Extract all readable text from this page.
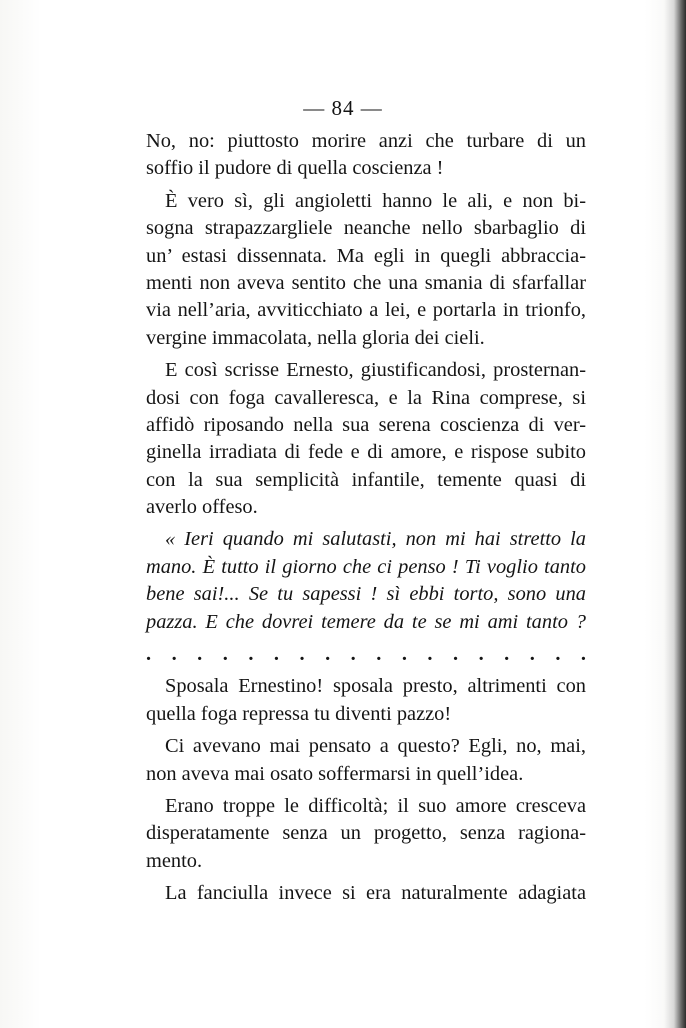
— 84 —
No, no: piuttosto morire anzi che turbare di un
soffio il pudore di quella coscienza !
È vero sì, gli angioletti hanno le ali, e non bi-
sogna strapazzargliele neanche nello sbarbaglio di
un’ estasi dissennata. Ma egli in quegli abbraccia-
menti non aveva sentito che una smania di sfarfallar
via nell’aria, avviticchiato a lei, e portarla in trionfo,
vergine immacolata, nella gloria dei cieli.
E così scrisse Ernesto, giustificandosi, prosternan-
dosi con foga cavalleresca, e la Rina comprese, si
affidò riposando nella sua serena coscienza di ver-
ginella irradiata di fede e di amore, e rispose subito
con la sua semplicità infantile, temente quasi di
averlo offeso.
« Ieri quando mi salutasti, non mi hai stretto la
mano. È tutto il giorno che ci penso ! Ti voglio tanto
bene sai!... Se tu sapessi ! sì ebbi torto, sono una
pazza. E che dovrei temere da te se mi ami tanto ?
. . . . . . . . . . . . . . . . . .
Sposala Ernestino! sposala presto, altrimenti con
quella foga repressa tu diventi pazzo!
Ci avevano mai pensato a questo? Egli, no, mai,
non aveva mai osato soffermarsi in quell’idea.
Erano troppe le difficoltà; il suo amore cresceva
disperatamente senza un progetto, senza ragiona-
mento.
La fanciulla invece si era naturalmente adagiata
